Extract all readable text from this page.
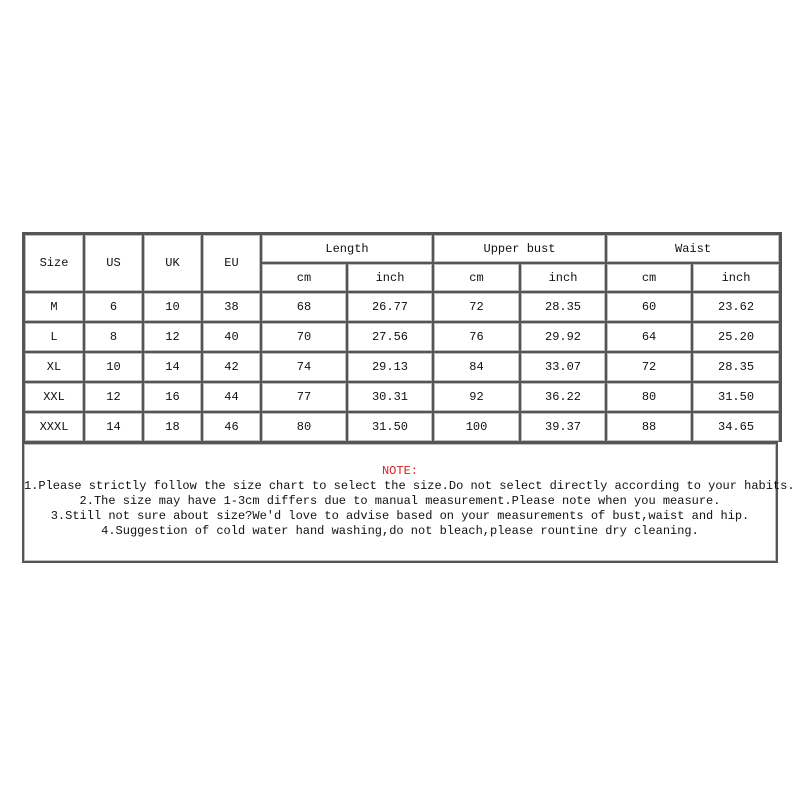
Size	US	UK	EU	Length		Upper bust		Waist	
				cm	inch	cm	inch	cm	inch
M	6	10	38	68	26.77	72	28.35	60	23.62
L	8	12	40	70	27.56	76	29.92	64	25.20
XL	10	14	42	74	29.13	84	33.07	72	28.35
XXL	12	16	44	77	30.31	92	36.22	80	31.50
XXXL	14	18	46	80	31.50	100	39.37	88	34.65
NOTE:
1.Please strictly follow the size chart to select the size.Do not select directly according to your habits.
2.The size may have 1-3cm differs due to manual measurement.Please note when you measure.
3.Still not sure about size?We'd love to advise based on your measurements of bust,waist and hip.
4.Suggestion of cold water hand washing,do not bleach,please rountine dry cleaning.
